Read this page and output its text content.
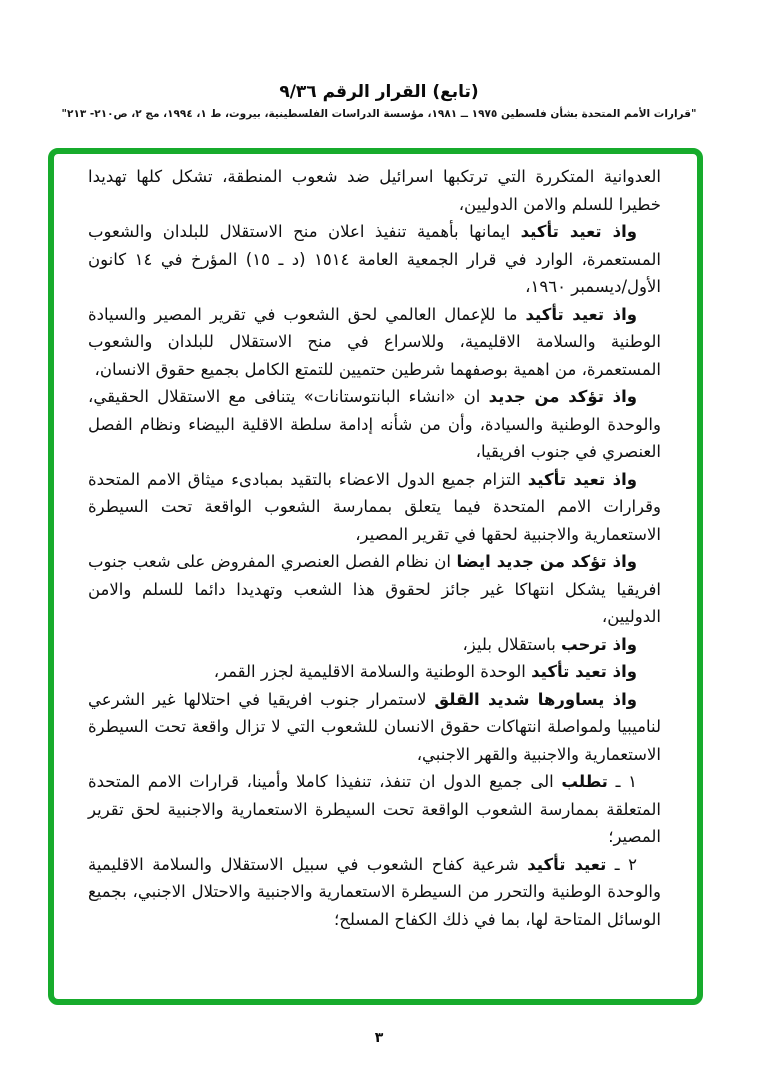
(تابع) القرار الرقم ٩/٣٦
"قرارات الأمم المتحدة بشأن فلسطين ١٩٧٥ ــ ١٩٨١، مؤسسة الدراسات الفلسطينية، بيروت، ط ١، ١٩٩٤، مج ٢، ص٢١٠- ٢١٣"

العدوانية المتكررة التي ترتكبها اسرائيل ضد شعوب المنطقة، تشكل كلها تهديدا خطيرا للسلم والامن الدوليين،

واذ تعيد تأكيد ايمانها بأهمية تنفيذ اعلان منح الاستقلال للبلدان والشعوب المستعمرة، الوارد في قرار الجمعية العامة ١٥١٤ (د ـ ١٥) المؤرخ في ١٤ كانون الأول/ديسمبر ١٩٦٠،

واذ تعيد تأكيد ما للإعمال العالمي لحق الشعوب في تقرير المصير والسيادة الوطنية والسلامة الاقليمية، وللاسراع في منح الاستقلال للبلدان والشعوب المستعمرة، من اهمية بوصفهما شرطين حتميين للتمتع الكامل بجميع حقوق الانسان،

واذ تؤكد من جديد ان «انشاء البانتوستانات» يتنافى مع الاستقلال الحقيقي، والوحدة الوطنية والسيادة، وأن من شأنه إدامة سلطة الاقلية البيضاء ونظام الفصل العنصري في جنوب افريقيا،

واذ تعيد تأكيد التزام جميع الدول الاعضاء بالتقيد بمبادىء ميثاق الامم المتحدة وقرارات الامم المتحدة فيما يتعلق بممارسة الشعوب الواقعة تحت السيطرة الاستعمارية والاجنبية لحقها في تقرير المصير،

واذ تؤكد من جديد ايضا ان نظام الفصل العنصري المفروض على شعب جنوب افريقيا يشكل انتهاكا غير جائز لحقوق هذا الشعب وتهديدا دائما للسلم والامن الدوليين،

واذ ترحب باستقلال بليز،

واذ تعيد تأكيد الوحدة الوطنية والسلامة الاقليمية لجزر القمر،

واذ يساورها شديد القلق لاستمرار جنوب افريقيا في احتلالها غير الشرعي لناميبيا ولمواصلة انتهاكات حقوق الانسان للشعوب التي لا تزال واقعة تحت السيطرة الاستعمارية والاجنبية والقهر الاجنبي،

١ ـ تطلب الى جميع الدول ان تنفذ، تنفيذا كاملا وأمينا، قرارات الامم المتحدة المتعلقة بممارسة الشعوب الواقعة تحت السيطرة الاستعمارية والاجنبية لحق تقرير المصير؛

٢ ـ تعيد تأكيد شرعية كفاح الشعوب في سبيل الاستقلال والسلامة الاقليمية والوحدة الوطنية والتحرر من السيطرة الاستعمارية والاجنبية والاحتلال الاجنبي، بجميع الوسائل المتاحة لها، بما في ذلك الكفاح المسلح؛

٣
